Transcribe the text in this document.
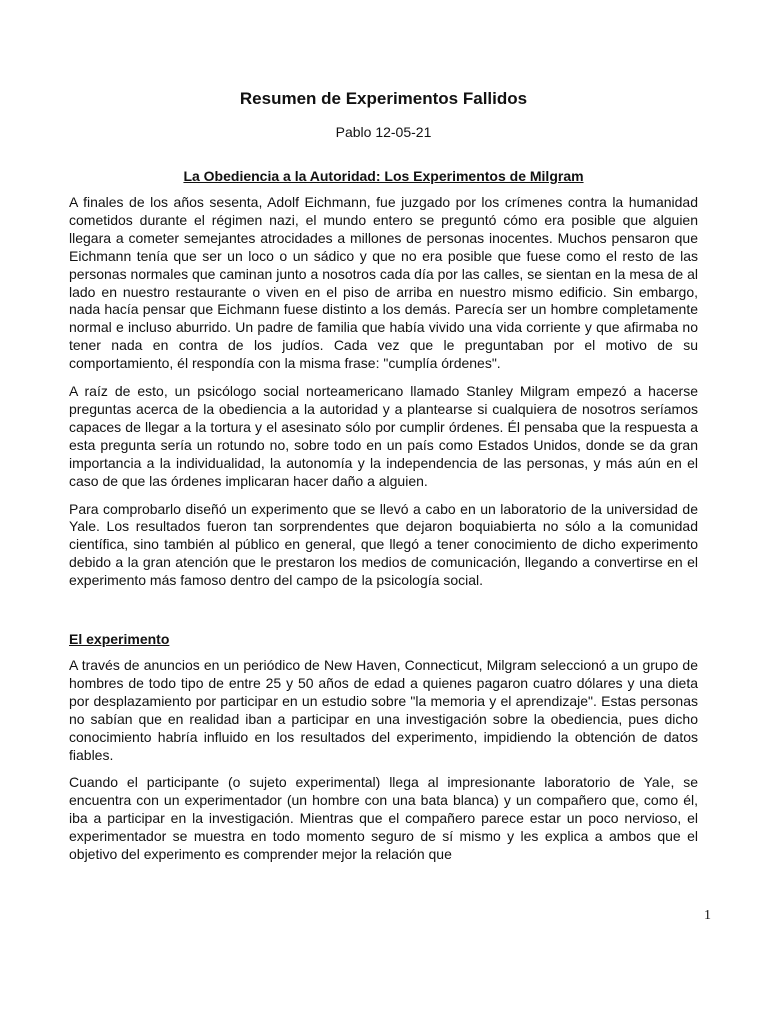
Resumen de Experimentos Fallidos

Pablo 12-05-21

La Obediencia a la Autoridad: Los Experimentos de Milgram

A finales de los años sesenta, Adolf Eichmann, fue juzgado por los crímenes contra la humanidad cometidos durante el régimen nazi, el mundo entero se preguntó cómo era posible que alguien llegara a cometer semejantes atrocidades a millones de personas inocentes. Muchos pensaron que Eichmann tenía que ser un loco o un sádico y que no era posible que fuese como el resto de las personas normales que caminan junto a nosotros cada día por las calles, se sientan en la mesa de al lado en nuestro restaurante o viven en el piso de arriba en nuestro mismo edificio. Sin embargo, nada hacía pensar que Eichmann fuese distinto a los demás. Parecía ser un hombre completamente normal e incluso aburrido. Un padre de familia que había vivido una vida corriente y que afirmaba no tener nada en contra de los judíos. Cada vez que le preguntaban por el motivo de su comportamiento, él respondía con la misma frase: "cumplía órdenes".

A raíz de esto, un psicólogo social norteamericano llamado Stanley Milgram empezó a hacerse preguntas acerca de la obediencia a la autoridad y a plantearse si cualquiera de nosotros seríamos capaces de llegar a la tortura y el asesinato sólo por cumplir órdenes. Él pensaba que la respuesta a esta pregunta sería un rotundo no, sobre todo en un país como Estados Unidos, donde se da gran importancia a la individualidad, la autonomía y la independencia de las personas, y más aún en el caso de que las órdenes implicaran hacer daño a alguien.

Para comprobarlo diseñó un experimento que se llevó a cabo en un laboratorio de la universidad de Yale. Los resultados fueron tan sorprendentes que dejaron boquiabierta no sólo a la comunidad científica, sino también al público en general, que llegó a tener conocimiento de dicho experimento debido a la gran atención que le prestaron los medios de comunicación, llegando a convertirse en el experimento más famoso dentro del campo de la psicología social.

El experimento

A través de anuncios en un periódico de New Haven, Connecticut, Milgram seleccionó a un grupo de hombres de todo tipo de entre 25 y 50 años de edad a quienes pagaron cuatro dólares y una dieta por desplazamiento por participar en un estudio sobre "la memoria y el aprendizaje". Estas personas no sabían que en realidad iban a participar en una investigación sobre la obediencia, pues dicho conocimiento habría influido en los resultados del experimento, impidiendo la obtención de datos fiables.

Cuando el participante (o sujeto experimental) llega al impresionante laboratorio de Yale, se encuentra con un experimentador (un hombre con una bata blanca) y un compañero que, como él, iba a participar en la investigación. Mientras que el compañero parece estar un poco nervioso, el experimentador se muestra en todo momento seguro de sí mismo y les explica a ambos que el objetivo del experimento es comprender mejor la relación que

1
